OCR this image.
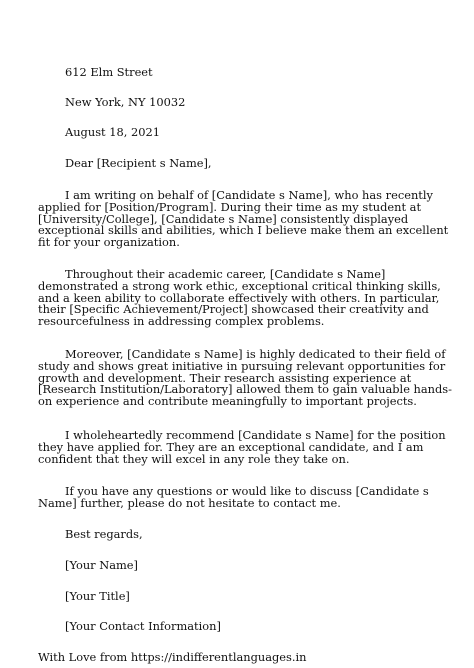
612 Elm Street
New York, NY 10032
August 18, 2021
Dear [Recipient s Name],

I am writing on behalf of [Candidate s Name], who has recently applied for [Position/Program]. During their time as my student at [University/College], [Candidate s Name] consistently displayed exceptional skills and abilities, which I believe make them an excellent fit for your organization.

Throughout their academic career, [Candidate s Name] demonstrated a strong work ethic, exceptional critical thinking skills, and a keen ability to collaborate effectively with others. In particular, their [Specific Achievement/Project] showcased their creativity and resourcefulness in addressing complex problems.

Moreover, [Candidate s Name] is highly dedicated to their field of study and shows great initiative in pursuing relevant opportunities for growth and development. Their research assisting experience at [Research Institution/Laboratory] allowed them to gain valuable hands-on experience and contribute meaningfully to important projects.

I wholeheartedly recommend [Candidate s Name] for the position they have applied for. They are an exceptional candidate, and I am confident that they will excel in any role they take on.

If you have any questions or would like to discuss [Candidate s Name] further, please do not hesitate to contact me.

Best regards,
[Your Name]
[Your Title]
[Your Contact Information]
With Love from https://indifferentlanguages.in
